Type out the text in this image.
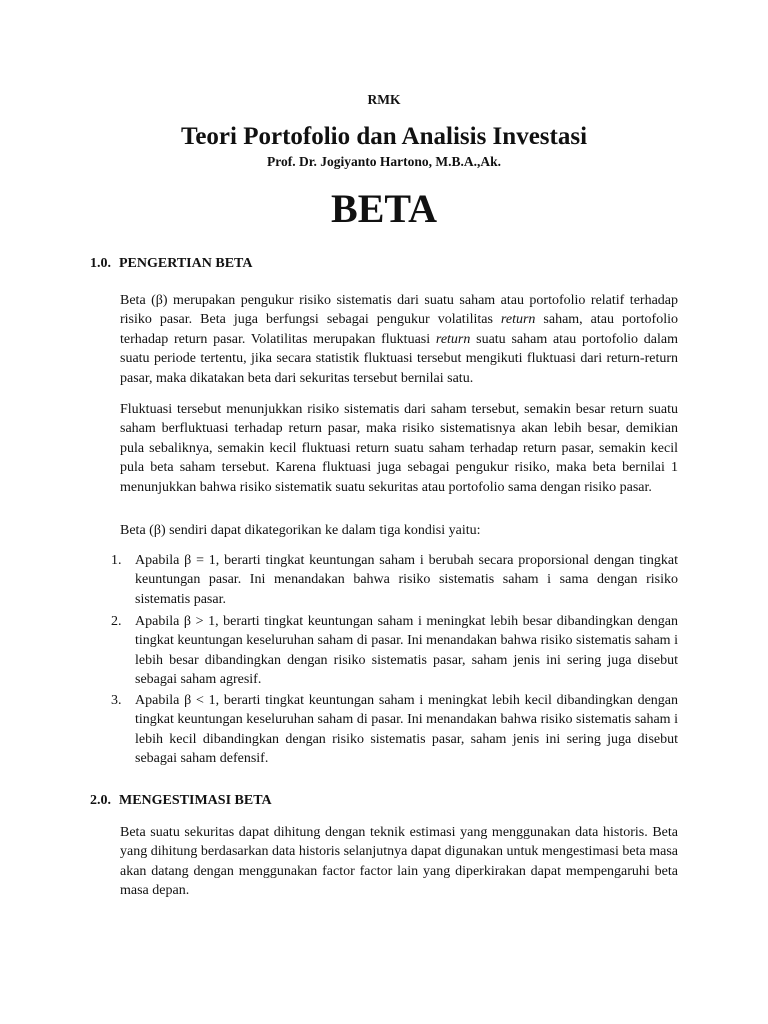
RMK
Teori Portofolio dan Analisis Investasi
Prof. Dr. Jogiyanto Hartono, M.B.A.,Ak.
BETA
1.0. PENGERTIAN BETA

Beta (β) merupakan pengukur risiko sistematis dari suatu saham atau portofolio relatif terhadap risiko pasar. Beta juga berfungsi sebagai pengukur volatilitas return saham, atau portofolio terhadap return pasar. Volatilitas merupakan fluktuasi return suatu saham atau portofolio dalam suatu periode tertentu, jika secara statistik fluktuasi tersebut mengikuti fluktuasi dari return-return pasar, maka dikatakan beta dari sekuritas tersebut bernilai satu.

Fluktuasi tersebut menunjukkan risiko sistematis dari saham tersebut, semakin besar return suatu saham berfluktuasi terhadap return pasar, maka risiko sistematisnya akan lebih besar, demikian pula sebaliknya, semakin kecil fluktuasi return suatu saham terhadap return pasar, semakin kecil pula beta saham tersebut. Karena fluktuasi juga sebagai pengukur risiko, maka beta bernilai 1 menunjukkan bahwa risiko sistematik suatu sekuritas atau portofolio sama dengan risiko pasar.

Beta (β) sendiri dapat dikategorikan ke dalam tiga kondisi yaitu:

1. Apabila β = 1, berarti tingkat keuntungan saham i berubah secara proporsional dengan tingkat keuntungan pasar. Ini menandakan bahwa risiko sistematis saham i sama dengan risiko sistematis pasar.
2. Apabila β > 1, berarti tingkat keuntungan saham i meningkat lebih besar dibandingkan dengan tingkat keuntungan keseluruhan saham di pasar. Ini menandakan bahwa risiko sistematis saham i lebih besar dibandingkan dengan risiko sistematis pasar, saham jenis ini sering juga disebut sebagai saham agresif.
3. Apabila β < 1, berarti tingkat keuntungan saham i meningkat lebih kecil dibandingkan dengan tingkat keuntungan keseluruhan saham di pasar. Ini menandakan bahwa risiko sistematis saham i lebih kecil dibandingkan dengan risiko sistematis pasar, saham jenis ini sering juga disebut sebagai saham defensif.
2.0. MENGESTIMASI BETA

Beta suatu sekuritas dapat dihitung dengan teknik estimasi yang menggunakan data historis. Beta yang dihitung berdasarkan data historis selanjutnya dapat digunakan untuk mengestimasi beta masa akan datang dengan menggunakan factor factor lain yang diperkirakan dapat mempengaruhi beta masa depan.
